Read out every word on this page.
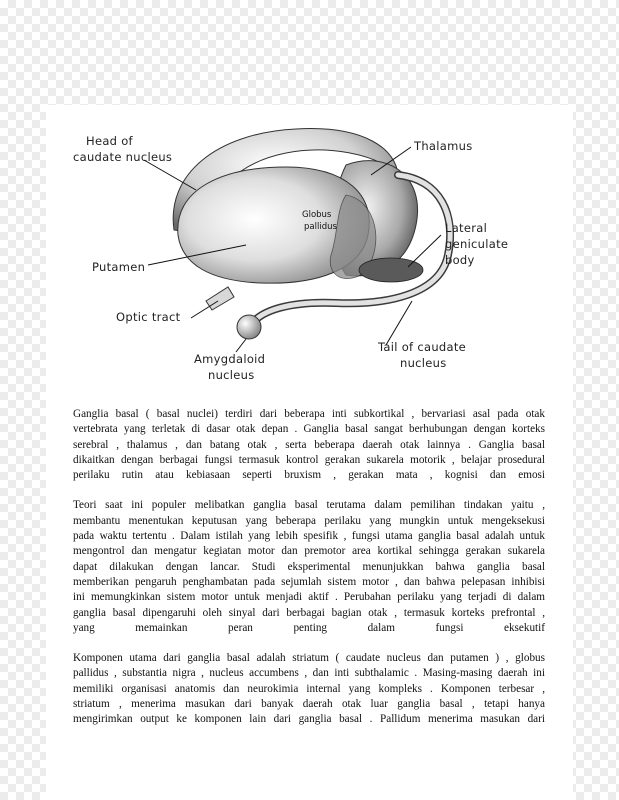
Head of
caudate nucleus
Thalamus
Globus
pallidus	Lateral
geniculate
body
Putamen
Optic tract
Amygdaloid
nucleus
Tail of caudate
nucleus

Ganglia basal ( basal nuclei) terdiri dari beberapa inti subkortikal , bervariasi asal pada otak
vertebrata yang terletak di dasar otak depan . Ganglia basal sangat berhubungan dengan korteks
serebral , thalamus , dan batang otak , serta beberapa daerah otak lainnya . Ganglia basal
dikaitkan dengan berbagai fungsi termasuk kontrol gerakan sukarela motorik , belajar prosedural
perilaku rutin atau kebiasaan seperti bruxism , gerakan mata , kognisi dan emosi

Teori saat ini populer melibatkan ganglia basal terutama dalam pemilihan tindakan yaitu ,
membantu menentukan keputusan yang beberapa perilaku yang mungkin untuk mengeksekusi
pada waktu tertentu . Dalam istilah yang lebih spesifik , fungsi utama ganglia basal adalah untuk
mengontrol dan mengatur kegiatan motor dan premotor area kortikal sehingga gerakan sukarela
dapat dilakukan dengan lancar. Studi eksperimental menunjukkan bahwa ganglia basal
memberikan pengaruh penghambatan pada sejumlah sistem motor , dan bahwa pelepasan inhibisi
ini memungkinkan sistem motor untuk menjadi aktif . Perubahan perilaku yang terjadi di dalam
ganglia basal dipengaruhi oleh sinyal dari berbagai bagian otak , termasuk korteks prefrontal ,
yang memainkan peran penting dalam fungsi eksekutif

Komponen utama dari ganglia basal adalah striatum ( caudate nucleus dan putamen ) , globus
pallidus , substantia nigra , nucleus accumbens , dan inti subthalamic . Masing-masing daerah ini
memiliki organisasi anatomis dan neurokimia internal yang kompleks . Komponen terbesar ,
striatum , menerima masukan dari banyak daerah otak luar ganglia basal , tetapi hanya
mengirimkan output ke komponen lain dari ganglia basal . Pallidum menerima masukan dari
